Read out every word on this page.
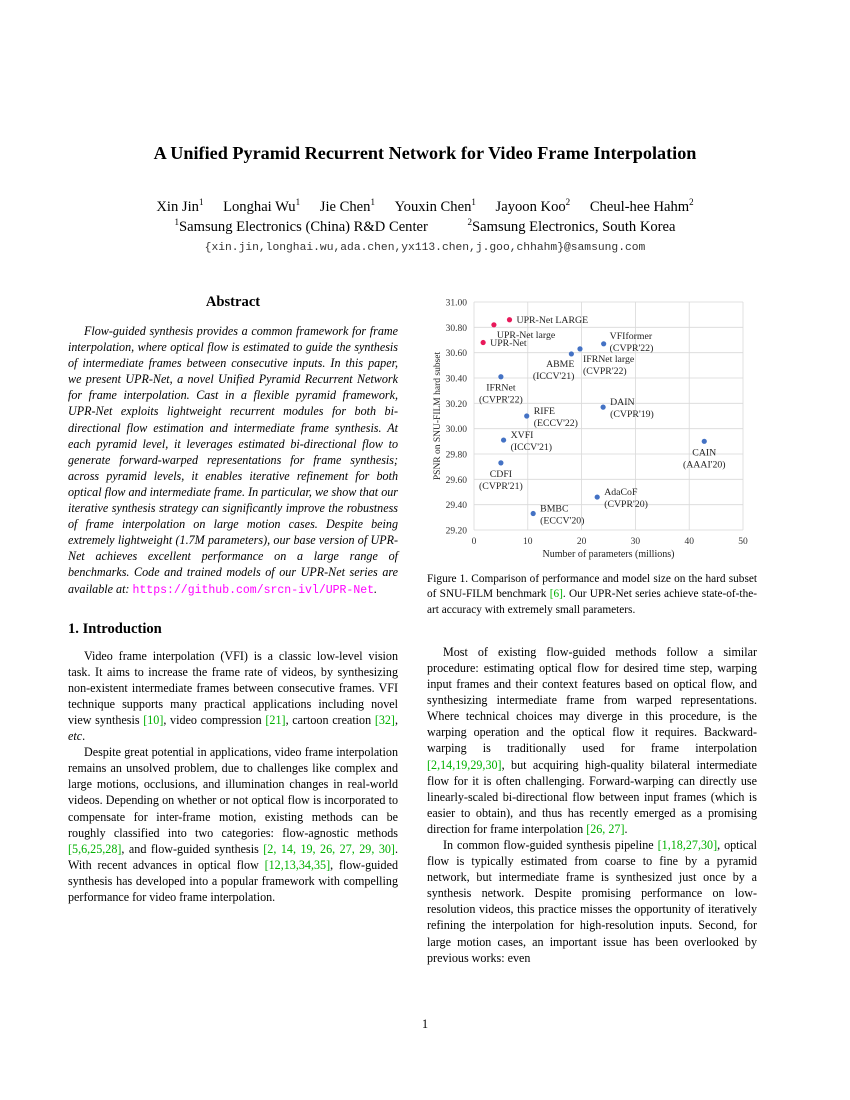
A Unified Pyramid Recurrent Network for Video Frame Interpolation
Xin Jin$^1$ Longhai Wu$^1$ Jie Chen$^1$ Youxin Chen$^1$ Jayoon Koo$^2$ Cheul-hee Hahm$^2$
$^1$Samsung Electronics (China) R&D Center	$^2$Samsung Electronics, South Korea
{xin.jin,longhai.wu,ada.chen,yx113.chen,j.goo,chhahm}@samsung.com
Abstract

Flow-guided synthesis provides a common framework for frame interpolation, where optical flow is estimated to guide the synthesis of intermediate frames between consecutive inputs. In this paper, we present UPR-Net, a novel Unified Pyramid Recurrent Network for frame interpolation. Cast in a flexible pyramid framework, UPR-Net exploits lightweight recurrent modules for both bi-directional flow estimation and intermediate frame synthesis. At each pyramid level, it leverages estimated bi-directional flow to generate forward-warped representations for frame synthesis; across pyramid levels, it enables iterative refinement for both optical flow and intermediate frame. In particular, we show that our iterative synthesis strategy can significantly improve the robustness of frame interpolation on large motion cases. Despite being extremely lightweight (1.7M parameters), our base version of UPR-Net achieves excellent performance on a large range of benchmarks. Code and trained models of our UPR-Net series are available at: https://github.com/srcn-ivl/UPR-Net.

1. Introduction

Video frame interpolation (VFI) is a classic low-level vision task. It aims to increase the frame rate of videos, by synthesizing non-existent intermediate frames between consecutive frames. VFI technique supports many practical applications including novel view synthesis [10], video compression [21], cartoon creation [32], etc.

Despite great potential in applications, video frame interpolation remains an unsolved problem, due to challenges like complex and large motions, occlusions, and illumination changes in real-world videos. Depending on whether or not optical flow is incorporated to compensate for inter-frame motion, existing methods can be roughly classified into two categories: flow-agnostic methods [5,6,25,28], and flow-guided synthesis [2, 14, 19, 26, 27, 29, 30]. With recent advances in optical flow [12,13,34,35], flow-guided synthesis has developed into a popular framework with compelling performance for video frame interpolation.

29.20
29.40
29.60
29.80
30.00
30.20
30.40
30.60
30.80
31.00
0	10	20	30	40	50
Number of parameters (millions)
PSNR on SNU-FILM hard subset
UPR-Net
UPR-Net large
UPR-Net LARGE
IFRNet
(CVPR'22)
ABME
(ICCV'21)
IFRNet large
(CVPR'22)
VFIformer
(CVPR'22)
RIFE
(ECCV'22)
DAIN
(CVPR'19)
XVFI
(ICCV'21)
CDFI
(CVPR'21)
CAIN
(AAAI'20)
AdaCoF
(CVPR'20)
BMBC
(ECCV'20)

Figure 1. Comparison of performance and model size on the hard subset of SNU-FILM benchmark [6]. Our UPR-Net series achieve state-of-the-art accuracy with extremely small parameters.

Most of existing flow-guided methods follow a similar procedure: estimating optical flow for desired time step, warping input frames and their context features based on optical flow, and synthesizing intermediate frame from warped representations. Where technical choices may diverge in this procedure, is the warping operation and the optical flow it requires. Backward-warping is traditionally used for frame interpolation [2,14,19,29,30], but acquiring high-quality bilateral intermediate flow for it is often challenging. Forward-warping can directly use linearly-scaled bi-directional flow between input frames (which is easier to obtain), and thus has recently emerged as a promising direction for frame interpolation [26, 27].

In common flow-guided synthesis pipeline [1,18,27,30], optical flow is typically estimated from coarse to fine by a pyramid network, but intermediate frame is synthesized just once by a synthesis network. Despite promising performance on low-resolution videos, this practice misses the opportunity of iteratively refining the interpolation for high-resolution inputs. Second, for large motion cases, an important issue has been overlooked by previous works: even

1
